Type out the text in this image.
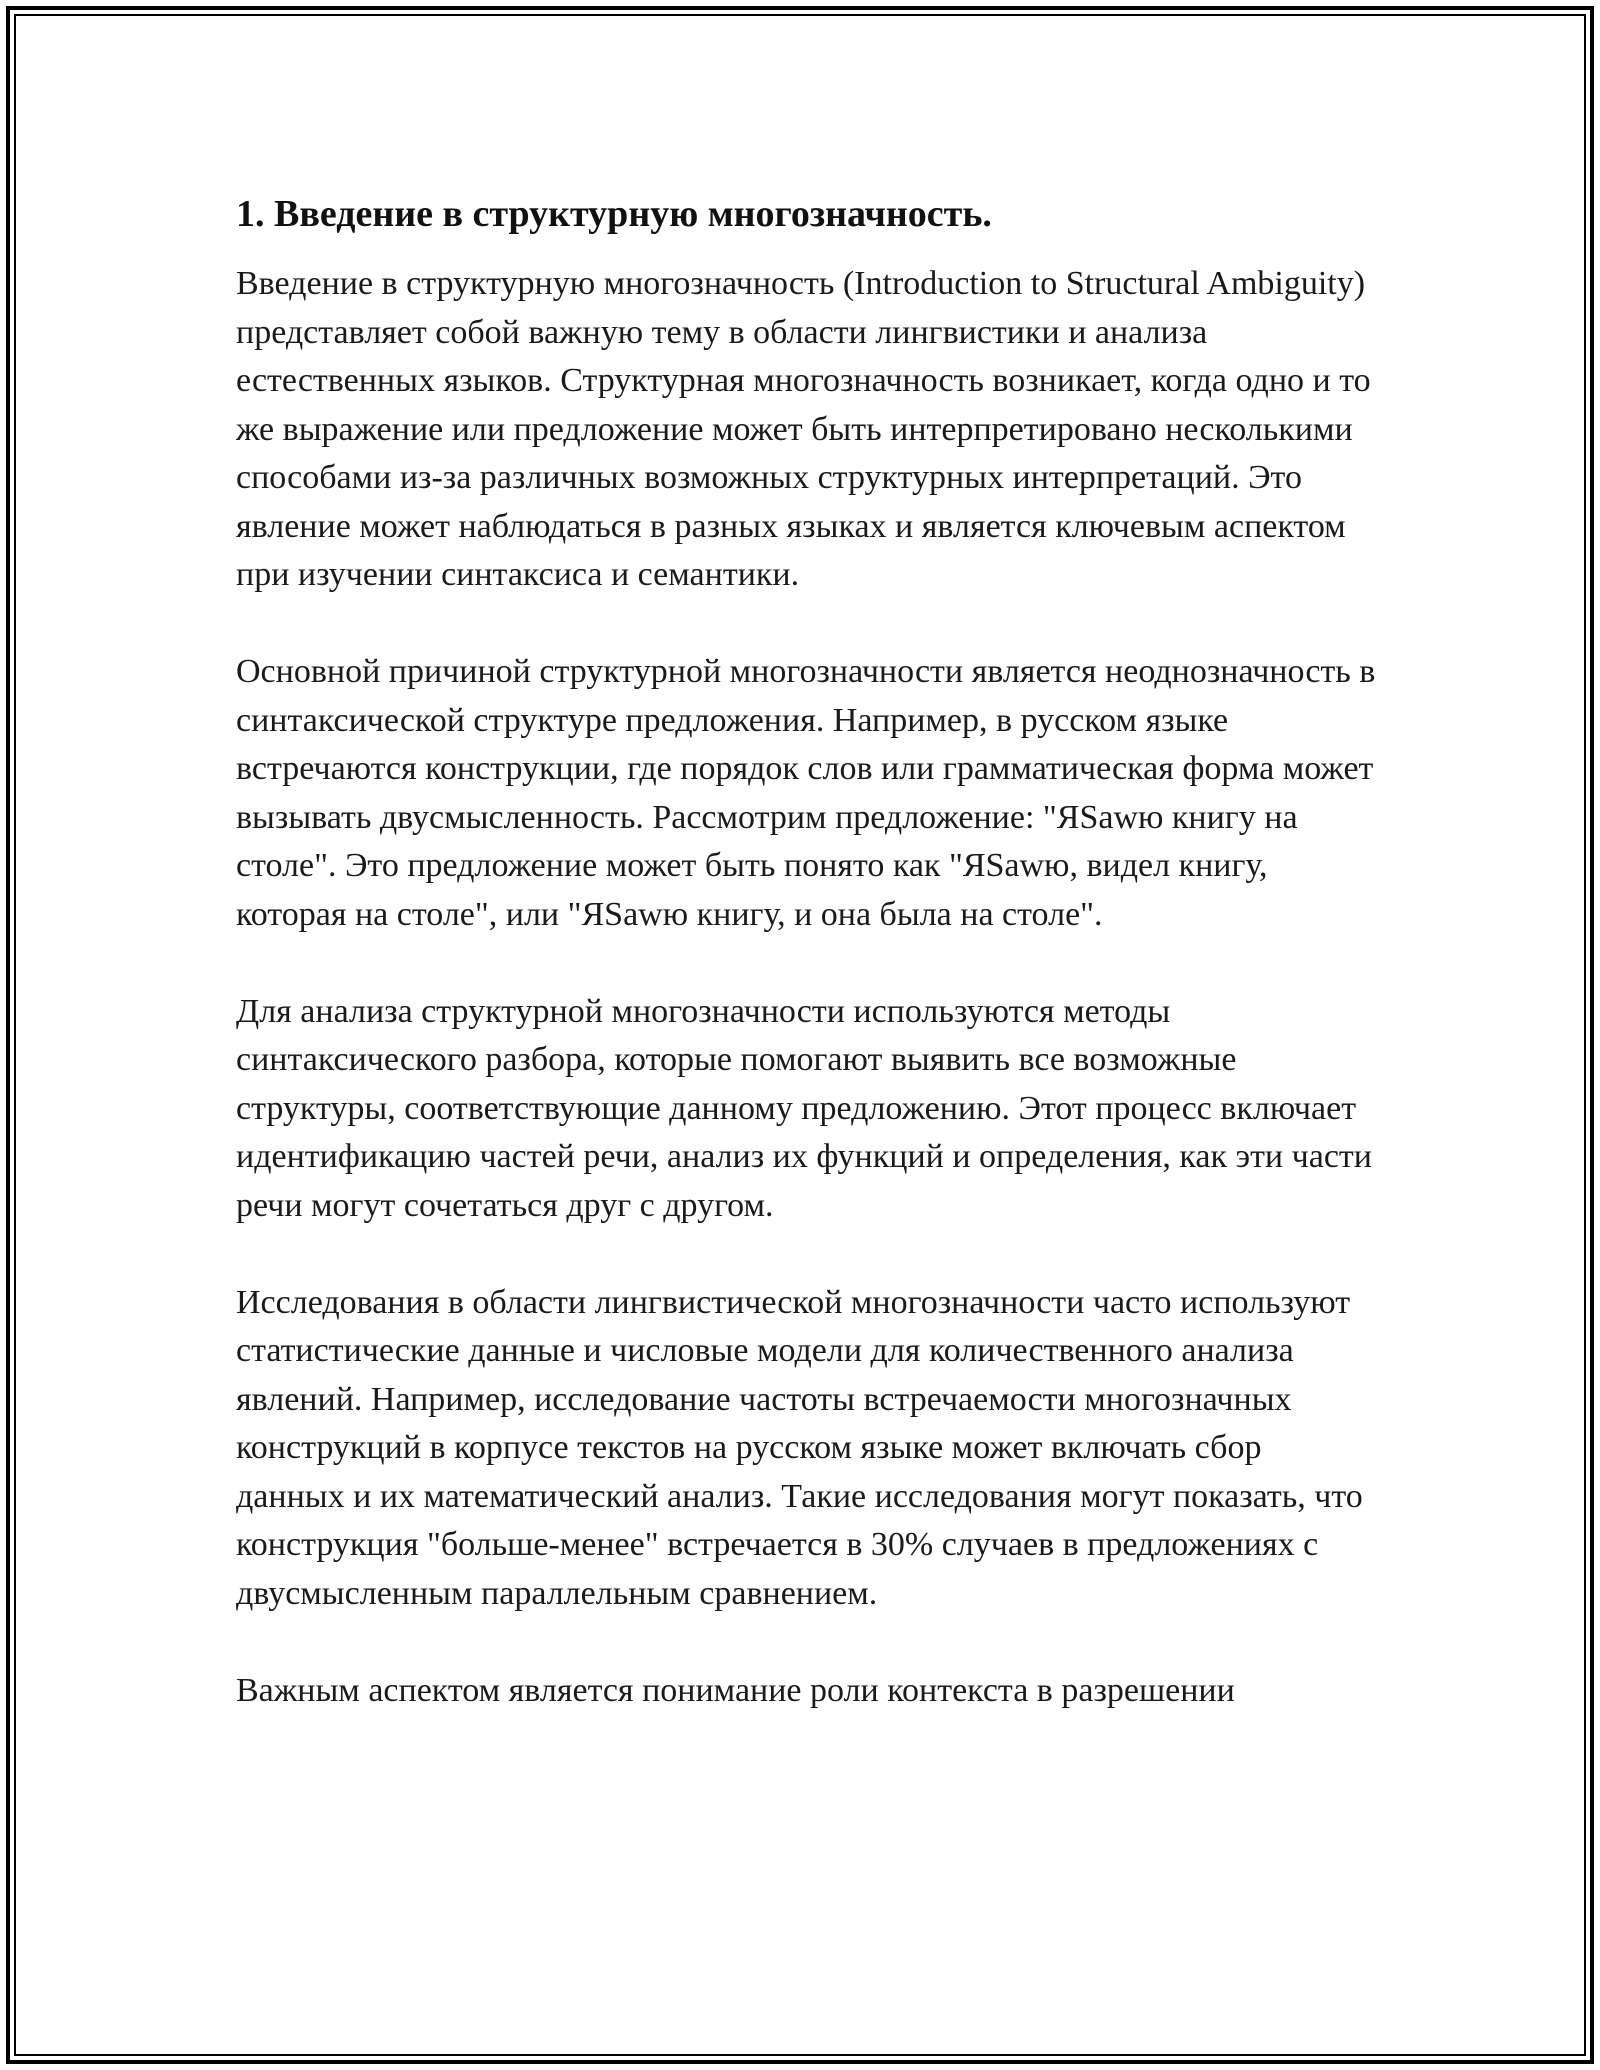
1. Введение в структурную многозначность.

Введение в структурную многозначность (Introduction to Structural Ambiguity) представляет собой важную тему в области лингвистики и анализа естественных языков. Структурная многозначность возникает, когда одно и то же выражение или предложение может быть интерпретировано несколькими способами из-за различных возможных структурных интерпретаций. Это явление может наблюдаться в разных языках и является ключевым аспектом при изучении синтаксиса и семантики.

Основной причиной структурной многозначности является неоднозначность в синтаксической структуре предложения. Например, в русском языке встречаются конструкции, где порядок слов или грамматическая форма может вызывать двусмысленность. Рассмотрим предложение: "ЯSawю книгу на столе". Это предложение может быть понято как "ЯSawю, видел книгу, которая на столе", или "ЯSawю книгу, и она была на столе".

Для анализа структурной многозначности используются методы синтаксического разбора, которые помогают выявить все возможные структуры, соответствующие данному предложению. Этот процесс включает идентификацию частей речи, анализ их функций и определения, как эти части речи могут сочетаться друг с другом.

Исследования в области лингвистической многозначности часто используют статистические данные и числовые модели для количественного анализа явлений. Например, исследование частоты встречаемости многозначных конструкций в корпусе текстов на русском языке может включать сбор данных и их математический анализ. Такие исследования могут показать, что конструкция "больше-менее" встречается в 30% случаев в предложениях с двусмысленным параллельным сравнением.

Важным аспектом является понимание роли контекста в разрешении
